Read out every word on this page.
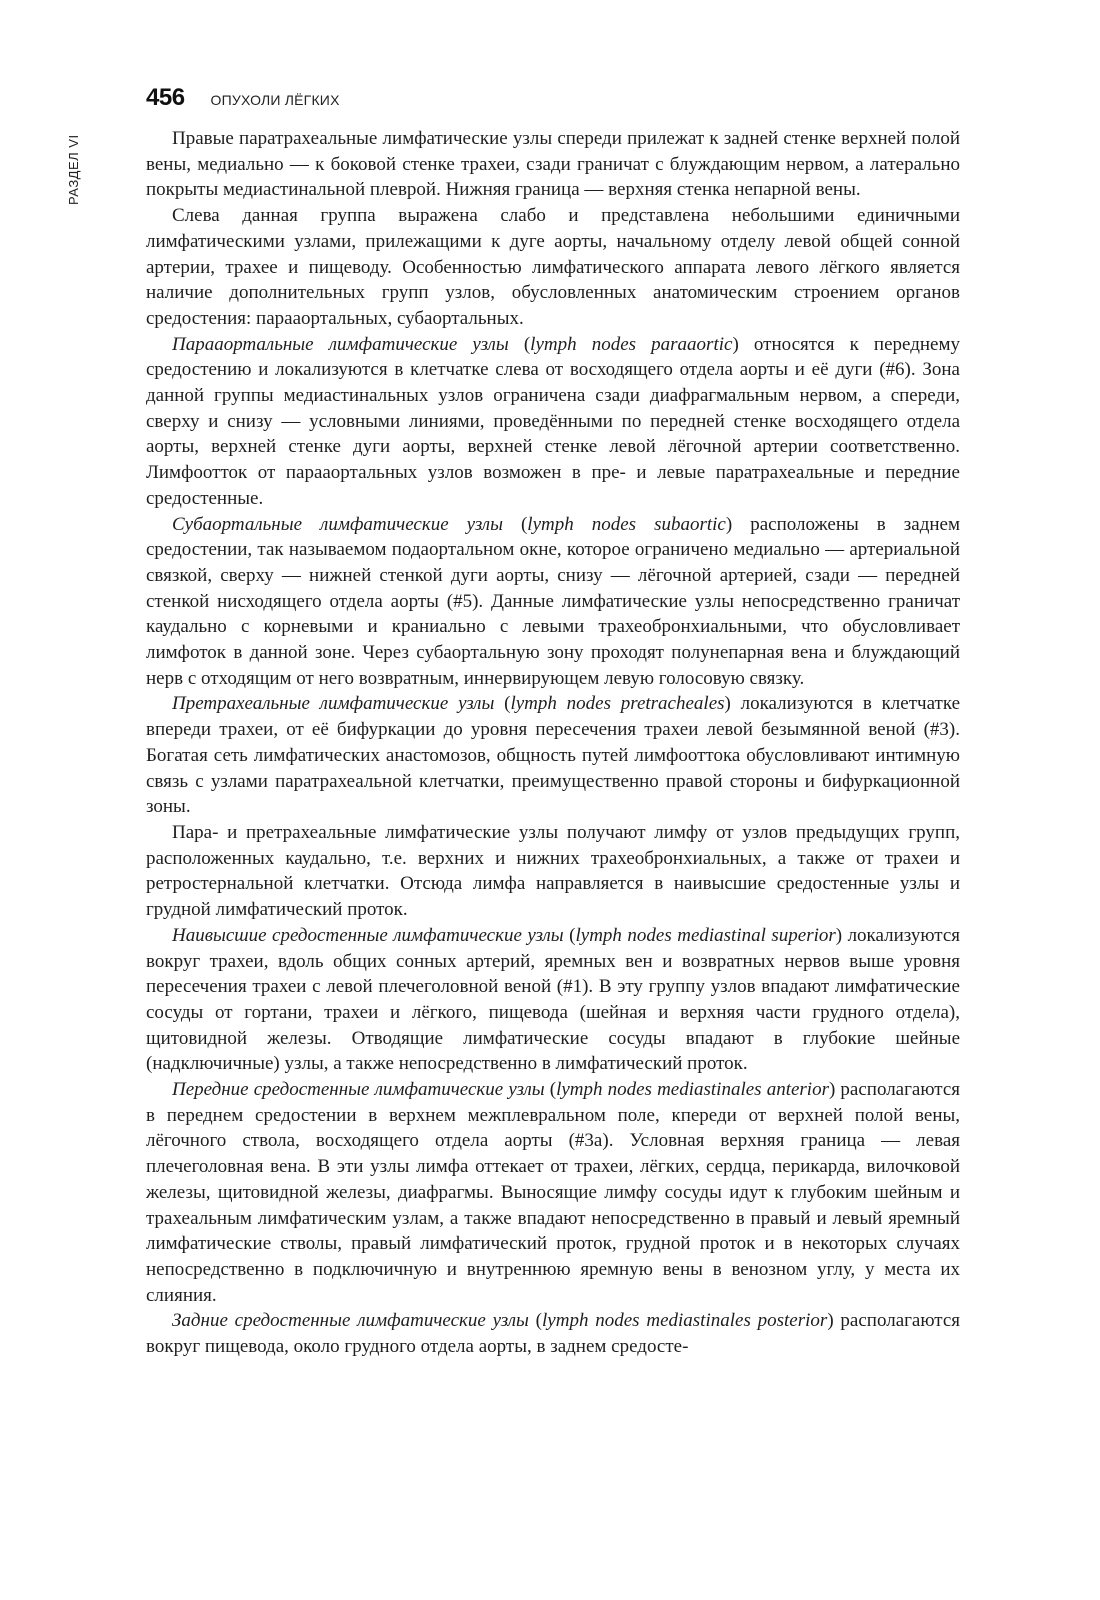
РАЗДЕЛ VI
456 ОПУХОЛИ ЛЁГКИХ

Правые паратрахеальные лимфатические узлы спереди прилежат к задней стенке верхней полой вены, медиально — к боковой стенке трахеи, сзади граничат с блуждающим нервом, а латерально покрыты медиастинальной плеврой. Нижняя граница — верхняя стенка непарной вены.

Слева данная группа выражена слабо и представлена небольшими единичными лимфатическими узлами, прилежащими к дуге аорты, начальному отделу левой общей сонной артерии, трахее и пищеводу. Особенностью лимфатического аппарата левого лёгкого является наличие дополнительных групп узлов, обусловленных анатомическим строением органов средостения: парааортальных, субаортальных.

Парааортальные лимфатические узлы (lymph nodes paraaortic) относятся к переднему средостению и локализуются в клетчатке слева от восходящего отдела аорты и её дуги (#6). Зона данной группы медиастинальных узлов ограничена сзади диафрагмальным нервом, а спереди, сверху и снизу — условными линиями, проведёнными по передней стенке восходящего отдела аорты, верхней стенке дуги аорты, верхней стенке левой лёгочной артерии соответственно. Лимфоотток от парааортальных узлов возможен в пре- и левые паратрахеальные и передние средостенные.

Субаортальные лимфатические узлы (lymph nodes subaortic) расположены в заднем средостении, так называемом подаортальном окне, которое ограничено медиально — артериальной связкой, сверху — нижней стенкой дуги аорты, снизу — лёгочной артерией, сзади — передней стенкой нисходящего отдела аорты (#5). Данные лимфатические узлы непосредственно граничат каудально с корневыми и краниально с левыми трахеобронхиальными, что обусловливает лимфоток в данной зоне. Через субаортальную зону проходят полунепарная вена и блуждающий нерв с отходящим от него возвратным, иннервирующем левую голосовую связку.

Претрахеальные лимфатические узлы (lymph nodes pretracheales) локализуются в клетчатке впереди трахеи, от её бифуркации до уровня пересечения трахеи левой безымянной веной (#3). Богатая сеть лимфатических анастомозов, общность путей лимфооттока обусловливают интимную связь с узлами паратрахеальной клетчатки, преимущественно правой стороны и бифуркационной зоны.

Пара- и претрахеальные лимфатические узлы получают лимфу от узлов предыдущих групп, расположенных каудально, т.е. верхних и нижних трахеобронхиальных, а также от трахеи и ретростернальной клетчатки. Отсюда лимфа направляется в наивысшие средостенные узлы и грудной лимфатический проток.

Наивысшие средостенные лимфатические узлы (lymph nodes mediastinal superior) локализуются вокруг трахеи, вдоль общих сонных артерий, яремных вен и возвратных нервов выше уровня пересечения трахеи с левой плечеголовной веной (#1). В эту группу узлов впадают лимфатические сосуды от гортани, трахеи и лёгкого, пищевода (шейная и верхняя части грудного отдела), щитовидной железы. Отводящие лимфатические сосуды впадают в глубокие шейные (надключичные) узлы, а также непосредственно в лимфатический проток.

Передние средостенные лимфатические узлы (lymph nodes mediastinales anterior) располагаются в переднем средостении в верхнем межплевральном поле, кпереди от верхней полой вены, лёгочного ствола, восходящего отдела аорты (#3а). Условная верхняя граница — левая плечеголовная вена. В эти узлы лимфа оттекает от трахеи, лёгких, сердца, перикарда, вилочковой железы, щитовидной железы, диафрагмы. Выносящие лимфу сосуды идут к глубоким шейным и трахеальным лимфатическим узлам, а также впадают непосредственно в правый и левый яремный лимфатические стволы, правый лимфатический проток, грудной проток и в некоторых случаях непосредственно в подключичную и внутреннюю яремную вены в венозном углу, у места их слияния.

Задние средостенные лимфатические узлы (lymph nodes mediastinales posterior) располагаются вокруг пищевода, около грудного отдела аорты, в заднем средосте-
